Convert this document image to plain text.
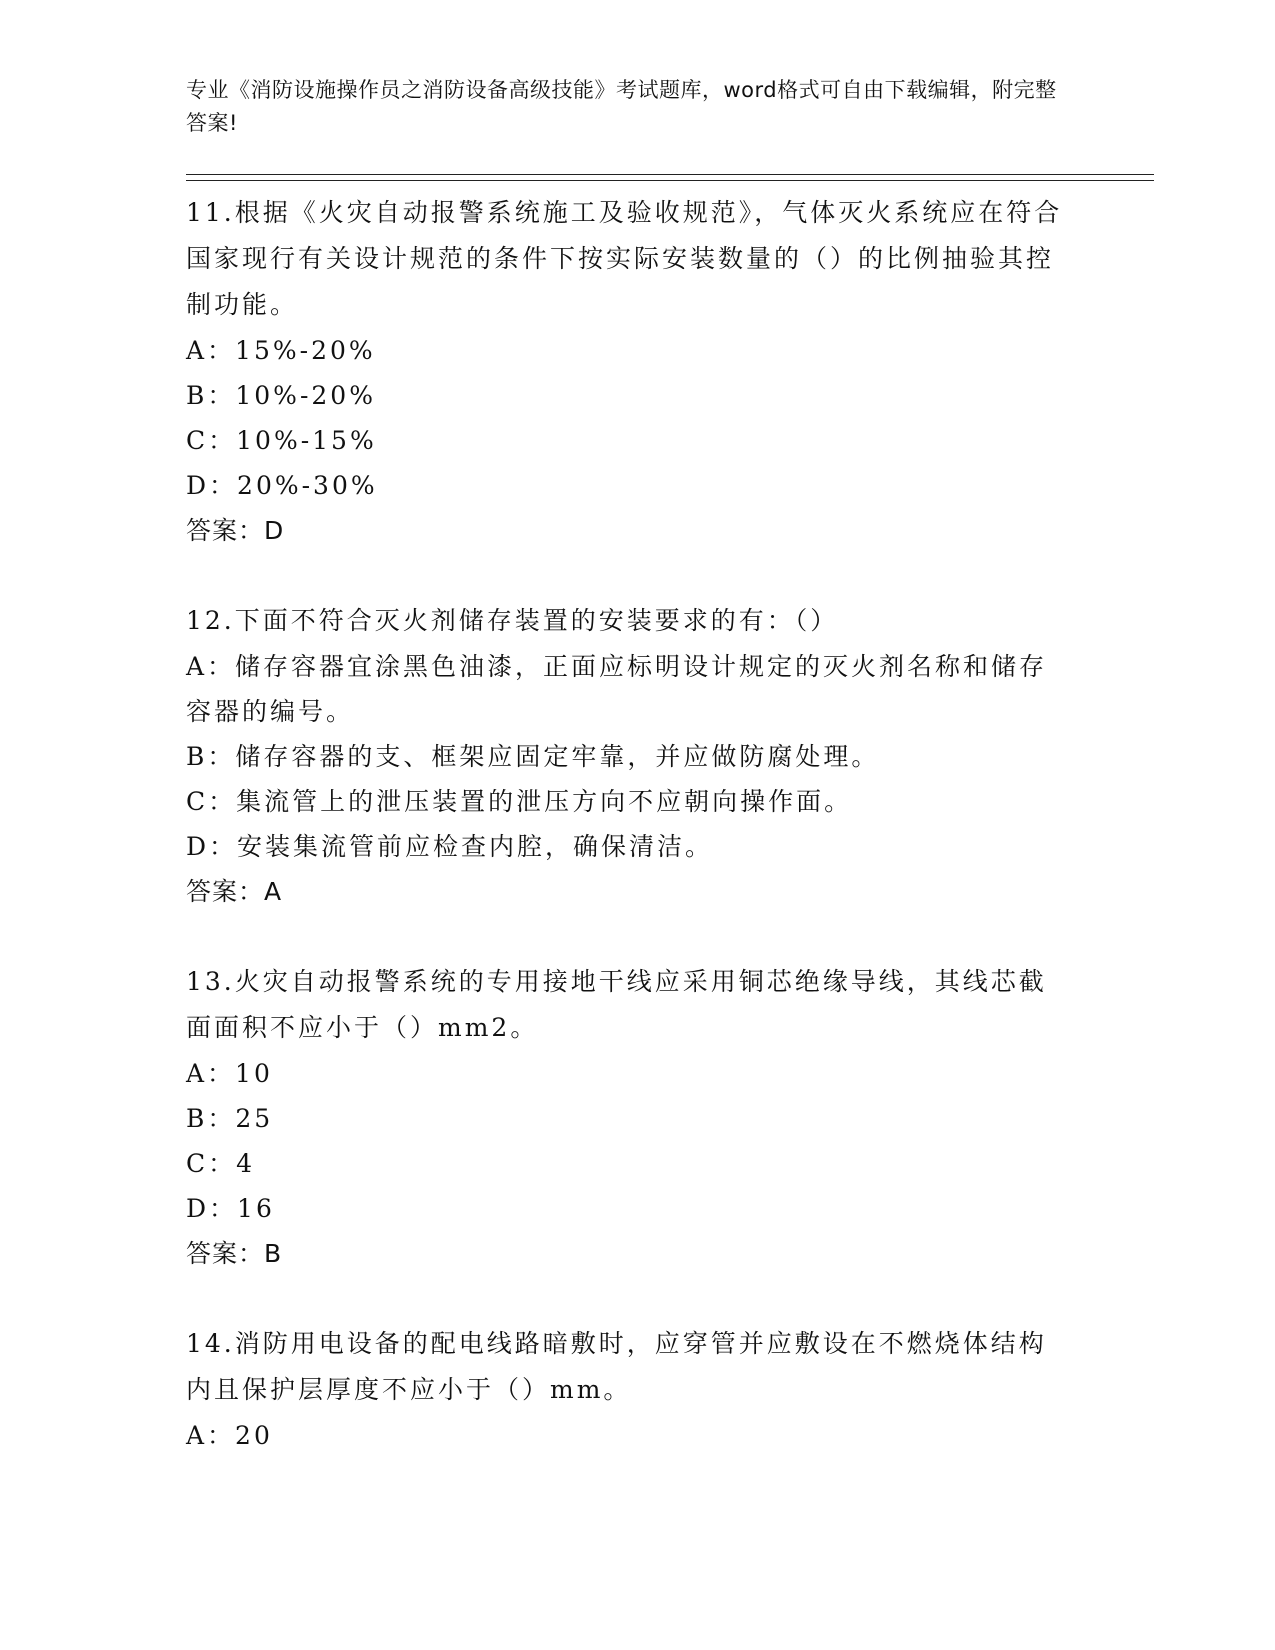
专业《消防设施操作员之消防设备高级技能》考试题库，word格式可自由下载编辑，附完整答案!

11.根据《火灾自动报警系统施工及验收规范》，气体灭火系统应在符合国家现行有关设计规范的条件下按实际安装数量的（）的比例抽验其控制功能。

A：15%-20%

B：10%-20%

C：10%-15%

D：20%-30%

答案：D

12.下面不符合灭火剂储存装置的安装要求的有：（）

A：储存容器宜涂黑色油漆，正面应标明设计规定的灭火剂名称和储存容器的编号。

B：储存容器的支、框架应固定牢靠，并应做防腐处理。

C：集流管上的泄压装置的泄压方向不应朝向操作面。

D：安装集流管前应检查内腔，确保清洁。

答案：A

13.火灾自动报警系统的专用接地干线应采用铜芯绝缘导线，其线芯截面面积不应小于（）mm2。

A：10

B：25

C：4

D：16

答案：B

14.消防用电设备的配电线路暗敷时，应穿管并应敷设在不燃烧体结构内且保护层厚度不应小于（）mm。

A：20
